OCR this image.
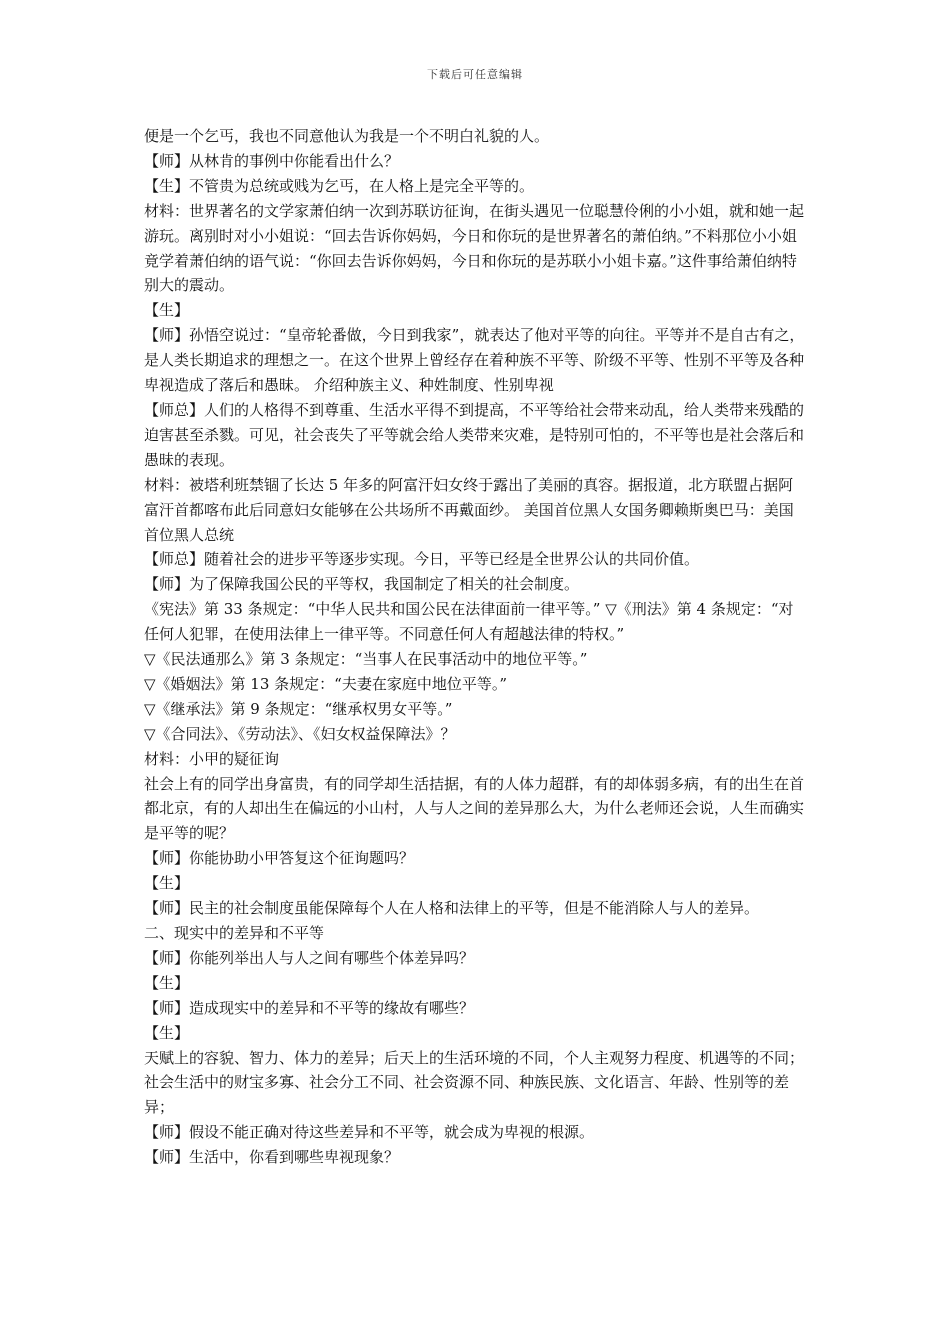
下载后可任意编辑

便是一个乞丐，我也不同意他认为我是一个不明白礼貌的人。

【师】从林肯的事例中你能看出什么？

【生】不管贵为总统或贱为乞丐，在人格上是完全平等的。

材料：世界著名的文学家萧伯纳一次到苏联访征询，在街头遇见一位聪慧伶俐的小小姐，就和她一起游玩。离别时对小小姐说：“回去告诉你妈妈，今日和你玩的是世界著名的萧伯纳。”不料那位小小姐竟学着萧伯纳的语气说：“你回去告诉你妈妈，今日和你玩的是苏联小小姐卡嘉。”这件事给萧伯纳特别大的震动。

【生】

【师】孙悟空说过：“皇帝轮番做，今日到我家”，就表达了他对平等的向往。平等并不是自古有之，是人类长期追求的理想之一。在这个世界上曾经存在着种族不平等、阶级不平等、性别不平等及各种卑视造成了落后和愚昧。 介绍种族主义、种姓制度、性别卑视

【师总】人们的人格得不到尊重、生活水平得不到提高，不平等给社会带来动乱，给人类带来残酷的迫害甚至杀戮。可见，社会丧失了平等就会给人类带来灾难，是特别可怕的，不平等也是社会落后和愚昧的表现。

材料：被塔利班禁锢了长达 5 年多的阿富汗妇女终于露出了美丽的真容。据报道，北方联盟占据阿富汗首都喀布此后同意妇女能够在公共场所不再戴面纱。 美国首位黑人女国务卿赖斯奥巴马：美国首位黑人总统

【师总】随着社会的进步平等逐步实现。今日，平等已经是全世界公认的共同价值。

【师】为了保障我国公民的平等权，我国制定了相关的社会制度。

《宪法》第 33 条规定：“中华人民共和国公民在法律面前一律平等。” ▽《刑法》第 4 条规定：“对任何人犯罪，在使用法律上一律平等。不同意任何人有超越法律的特权。”

▽《民法通那么》第 3 条规定：“当事人在民事活动中的地位平等。”

▽《婚姻法》第 13 条规定：“夫妻在家庭中地位平等。”

▽《继承法》第 9 条规定：“继承权男女平等。”

▽《合同法》、《劳动法》、《妇女权益保障法》？

材料：小甲的疑征询

社会上有的同学出身富贵，有的同学却生活拮据，有的人体力超群，有的却体弱多病，有的出生在首都北京，有的人却出生在偏远的小山村，人与人之间的差异那么大，为什么老师还会说，人生而确实是平等的呢？

【师】你能协助小甲答复这个征询题吗？

【生】

【师】民主的社会制度虽能保障每个人在人格和法律上的平等，但是不能消除人与人的差异。

二、现实中的差异和不平等

【师】你能列举出人与人之间有哪些个体差异吗？

【生】

【师】造成现实中的差异和不平等的缘故有哪些？

【生】

天赋上的容貌、智力、体力的差异；后天上的生活环境的不同，个人主观努力程度、机遇等的不同；

社会生活中的财宝多寡、社会分工不同、社会资源不同、种族民族、文化语言、年龄、性别等的差异；

【师】假设不能正确对待这些差异和不平等，就会成为卑视的根源。

【师】生活中，你看到哪些卑视现象？
